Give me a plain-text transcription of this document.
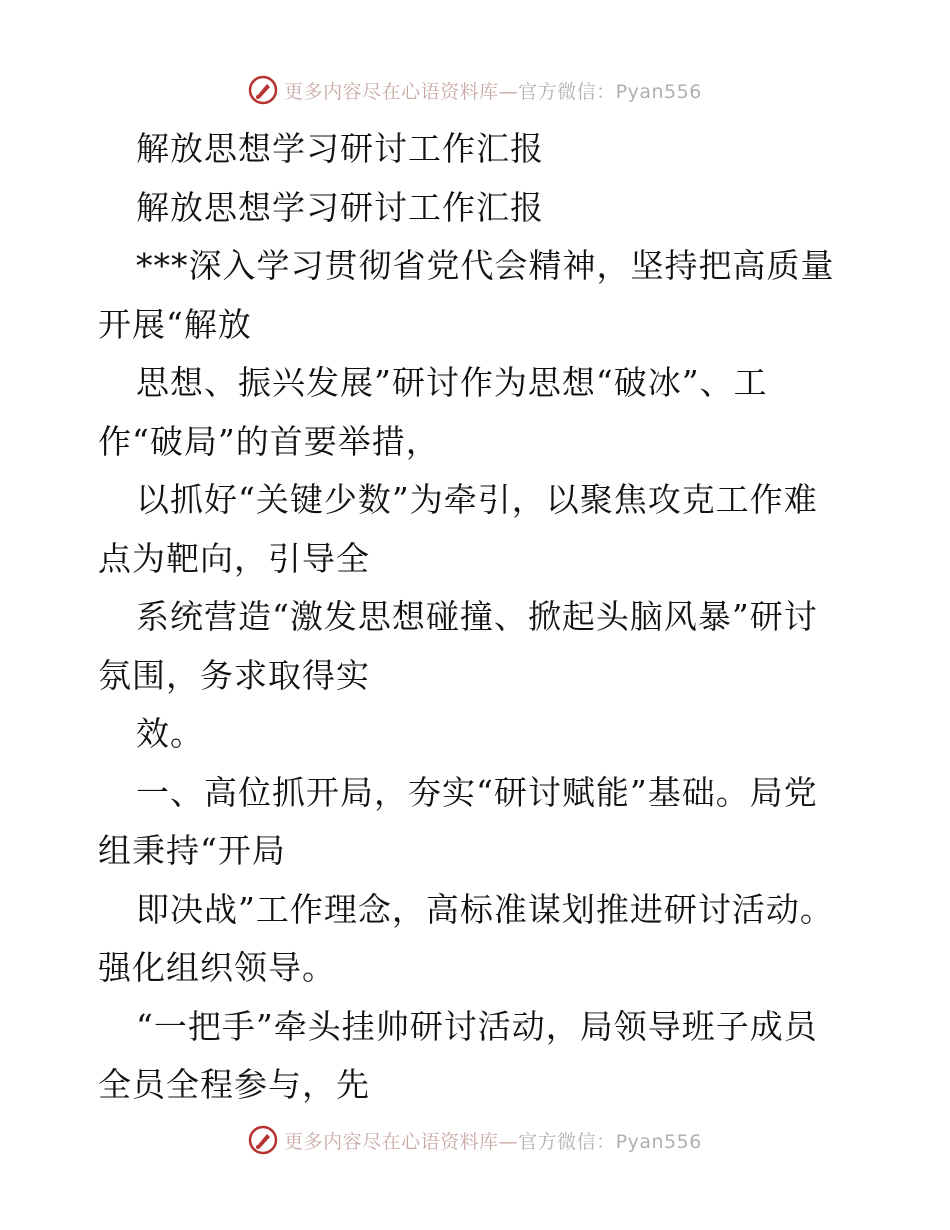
更多内容尽在心语资料库—官方微信：Pyan556
解放思想学习研讨工作汇报
解放思想学习研讨工作汇报
***深入学习贯彻省党代会精神，坚持把高质量
开展“解放
思想、振兴发展”研讨作为思想“破冰”、工
作“破局”的首要举措，
以抓好“关键少数”为牵引，以聚焦攻克工作难
点为靶向，引导全
系统营造“激发思想碰撞、掀起头脑风暴”研讨
氛围，务求取得实
效。
一、高位抓开局，夯实“研讨赋能”基础。局党
组秉持“开局
即决战”工作理念，高标准谋划推进研讨活动。
强化组织领导。
“一把手”牵头挂帅研讨活动，局领导班子成员
全员全程参与，先
更多内容尽在心语资料库—官方微信：Pyan556
